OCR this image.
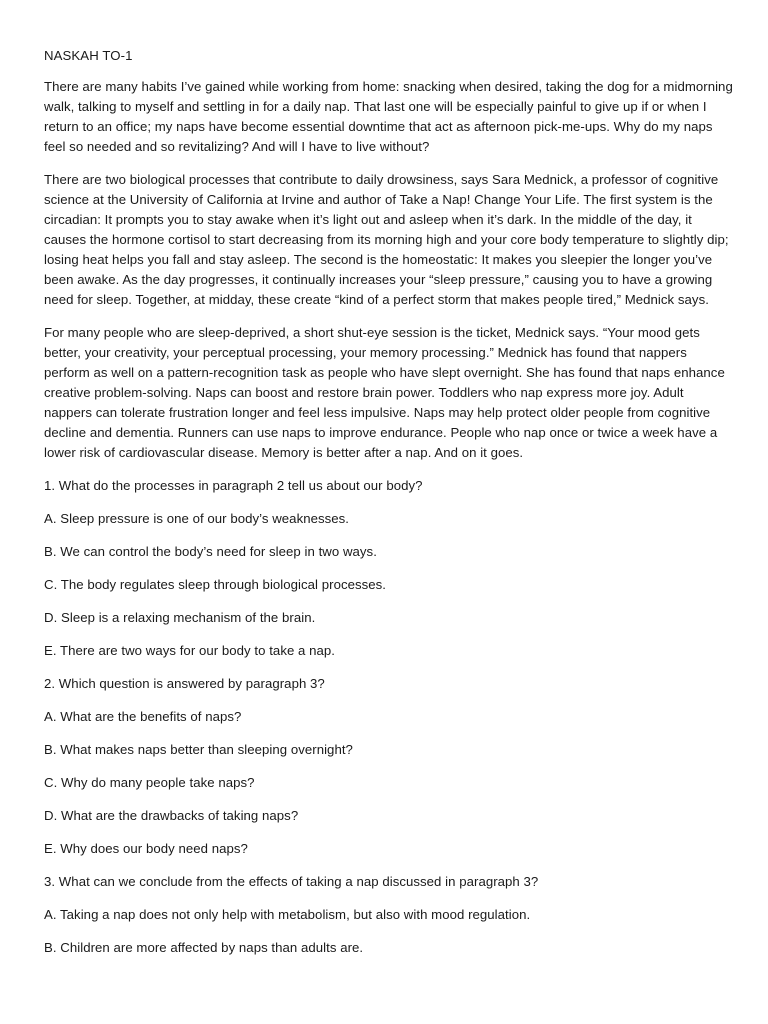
NASKAH TO-1

There are many habits I’ve gained while working from home: snacking when desired, taking the dog for a midmorning walk, talking to myself and settling in for a daily nap. That last one will be especially painful to give up if or when I return to an office; my naps have become essential downtime that act as afternoon pick-me-ups. Why do my naps feel so needed and so revitalizing? And will I have to live without?

There are two biological processes that contribute to daily drowsiness, says Sara Mednick, a professor of cognitive science at the University of California at Irvine and author of Take a Nap! Change Your Life. The first system is the circadian: It prompts you to stay awake when it’s light out and asleep when it’s dark. In the middle of the day, it causes the hormone cortisol to start decreasing from its morning high and your core body temperature to slightly dip; losing heat helps you fall and stay asleep. The second is the homeostatic: It makes you sleepier the longer you’ve been awake. As the day progresses, it continually increases your “sleep pressure,” causing you to have a growing need for sleep. Together, at midday, these create “kind of a perfect storm that makes people tired,” Mednick says.

For many people who are sleep-deprived, a short shut-eye session is the ticket, Mednick says. “Your mood gets better, your creativity, your perceptual processing, your memory processing.” Mednick has found that nappers perform as well on a pattern-recognition task as people who have slept overnight. She has found that naps enhance creative problem-solving. Naps can boost and restore brain power. Toddlers who nap express more joy. Adult nappers can tolerate frustration longer and feel less impulsive. Naps may help protect older people from cognitive decline and dementia. Runners can use naps to improve endurance. People who nap once or twice a week have a lower risk of cardiovascular disease. Memory is better after a nap. And on it goes.

1. What do the processes in paragraph 2 tell us about our body?

A. Sleep pressure is one of our body’s weaknesses.

B. We can control the body’s need for sleep in two ways.

C. The body regulates sleep through biological processes.

D. Sleep is a relaxing mechanism of the brain.

E. There are two ways for our body to take a nap.

2. Which question is answered by paragraph 3?

A. What are the benefits of naps?

B. What makes naps better than sleeping overnight?

C. Why do many people take naps?

D. What are the drawbacks of taking naps?

E. Why does our body need naps?

3. What can we conclude from the effects of taking a nap discussed in paragraph 3?

A. Taking a nap does not only help with metabolism, but also with mood regulation.

B. Children are more affected by naps than adults are.
